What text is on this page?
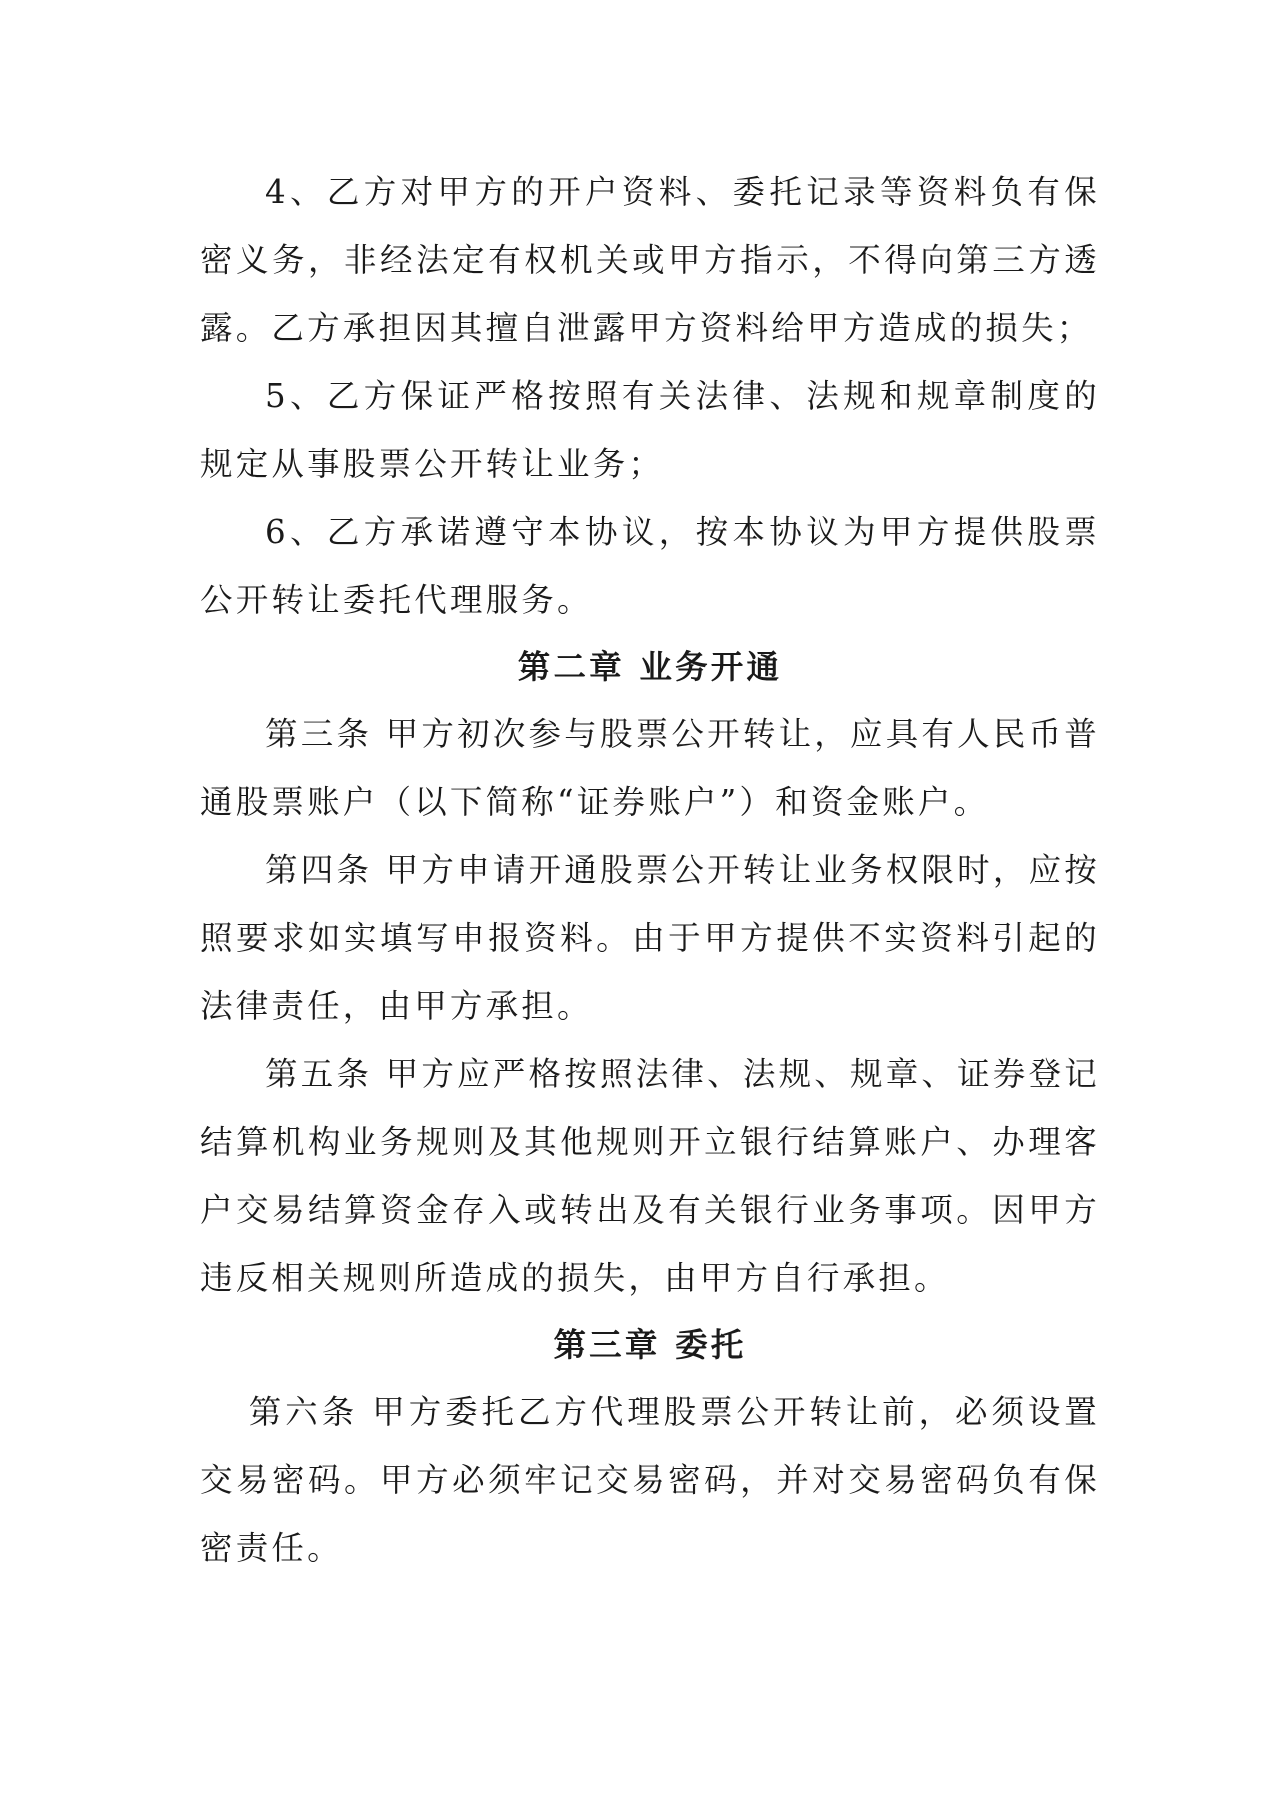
4、乙方对甲方的开户资料、委托记录等资料负有保密义务，非经法定有权机关或甲方指示，不得向第三方透露。乙方承担因其擅自泄露甲方资料给甲方造成的损失；

5、乙方保证严格按照有关法律、法规和规章制度的规定从事股票公开转让业务；

6、乙方承诺遵守本协议，按本协议为甲方提供股票公开转让委托代理服务。

第二章 业务开通

第三条 甲方初次参与股票公开转让，应具有人民币普通股票账户（以下简称“证券账户”）和资金账户。

第四条 甲方申请开通股票公开转让业务权限时，应按照要求如实填写申报资料。由于甲方提供不实资料引起的法律责任，由甲方承担。

第五条 甲方应严格按照法律、法规、规章、证券登记结算机构业务规则及其他规则开立银行结算账户、办理客户交易结算资金存入或转出及有关银行业务事项。因甲方违反相关规则所造成的损失，由甲方自行承担。

第三章 委托

第六条 甲方委托乙方代理股票公开转让前，必须设置交易密码。甲方必须牢记交易密码，并对交易密码负有保密责任。
